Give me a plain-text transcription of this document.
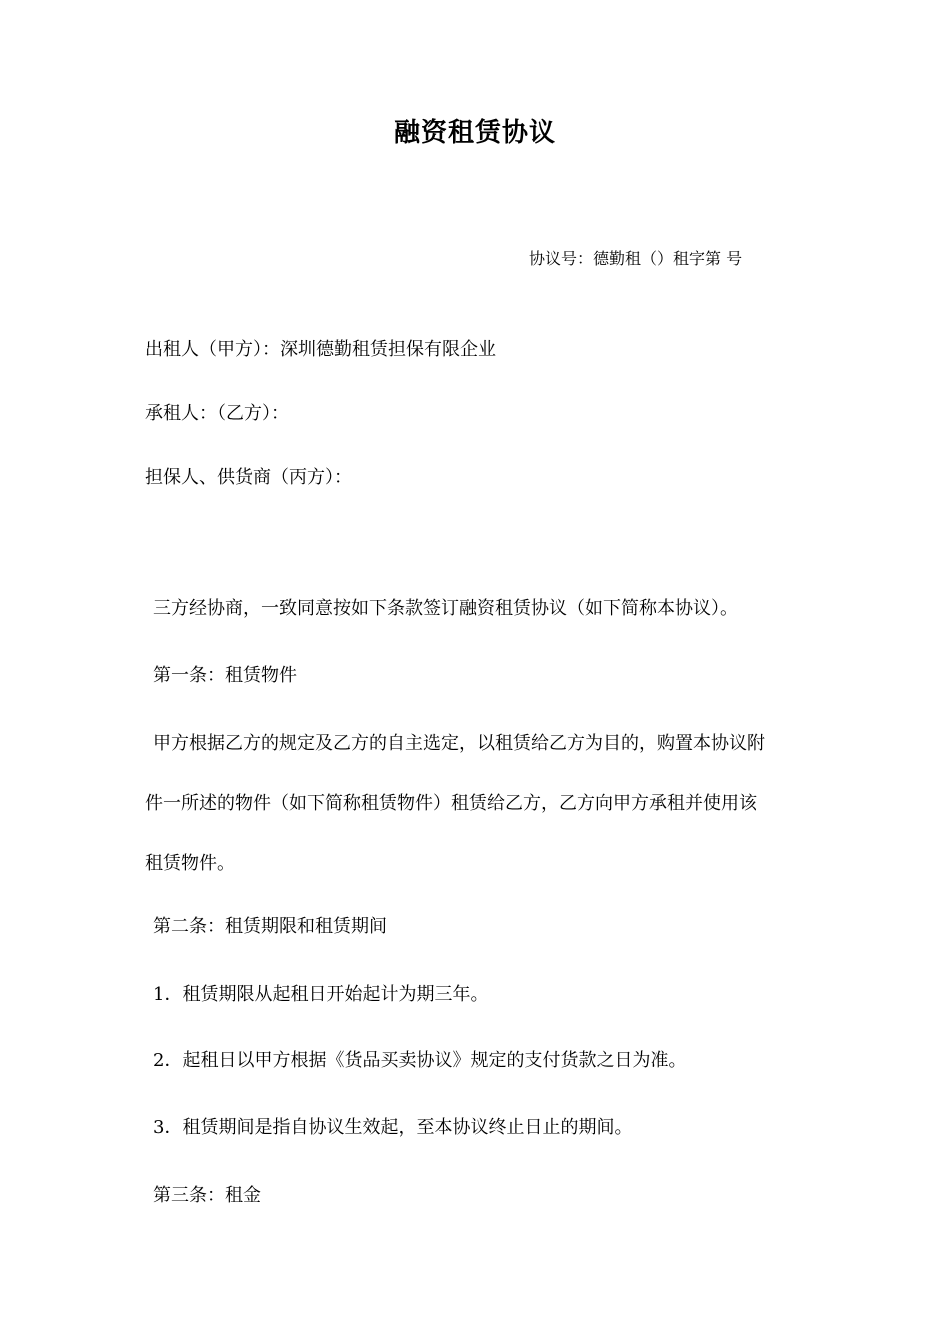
融资租赁协议
协议号：德勤租（）租字第 号
出租人（甲方）：深圳德勤租赁担保有限企业
承租人：（乙方）：
担保人、供货商（丙方）：
三方经协商，一致同意按如下条款签订融资租赁协议（如下简称本协议）。
第一条：租赁物件
甲方根据乙方的规定及乙方的自主选定，以租赁给乙方为目的，购置本协议附
件一所述的物件（如下简称租赁物件）租赁给乙方，乙方向甲方承租并使用该
租赁物件。
第二条：租赁期限和租赁期间
1．租赁期限从起租日开始起计为期三年。
2．起租日以甲方根据《货品买卖协议》规定的支付货款之日为准。
3．租赁期间是指自协议生效起，至本协议终止日止的期间。
第三条：租金
